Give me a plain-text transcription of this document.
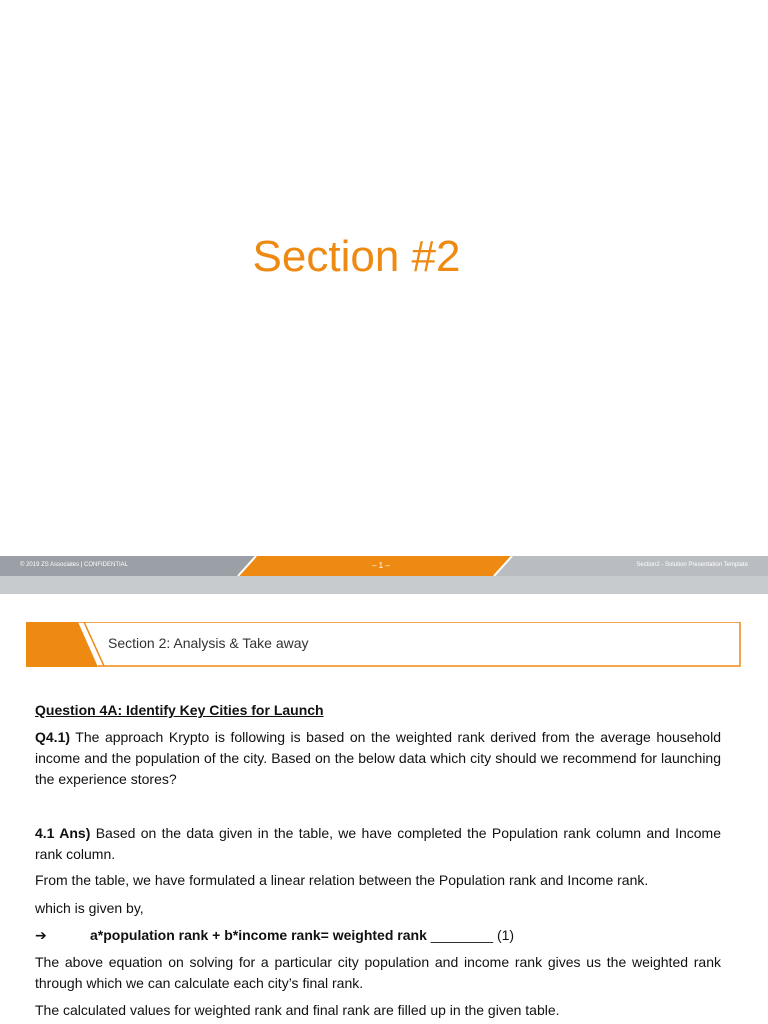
Section #2
© 2019 ZS Associates | CONFIDENTIAL	– 1 –	Section2 - Solution Presentation Template
Section 2: Analysis & Take away

Question 4A: Identify Key Cities for Launch

Q4.1) The approach Krypto is following is based on the weighted rank derived from the average household income and the population of the city. Based on the below data which city should we recommend for launching the experience stores?

4.1 Ans) Based on the data given in the table, we have completed the Population rank column and Income rank column.

From the table, we have formulated a linear relation between the Population rank and Income rank.

which is given by,

➔	a*population rank + b*income rank= weighted rank ________ (1)

The above equation on solving for a particular city population and income rank gives us the weighted rank through which we can calculate each city’s final rank.

The calculated values for weighted rank and final rank are filled up in the given table.
